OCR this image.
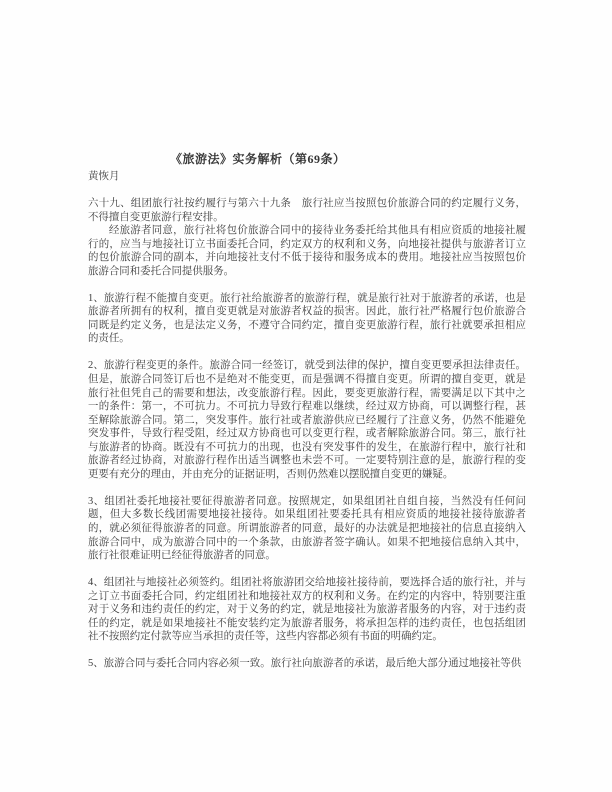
《旅游法》实务解析（第69条）
黄恢月

六十九、组团旅行社按约履行与第六十九条　旅行社应当按照包价旅游合同的约定履行义务，不得擅自变更旅游行程安排。

经旅游者同意，旅行社将包价旅游合同中的接待业务委托给其他具有相应资质的地接社履行的，应当与地接社订立书面委托合同，约定双方的权利和义务，向地接社提供与旅游者订立的包价旅游合同的副本，并向地接社支付不低于接待和服务成本的费用。地接社应当按照包价旅游合同和委托合同提供服务。

1、旅游行程不能擅自变更。旅行社给旅游者的旅游行程，就是旅行社对于旅游者的承诺，也是旅游者所拥有的权利，擅自变更就是对旅游者权益的损害。因此，旅行社严格履行包价旅游合同既是约定义务，也是法定义务，不遵守合同约定，擅自变更旅游行程，旅行社就要承担相应的责任。

2、旅游行程变更的条件。旅游合同一经签订，就受到法律的保护，擅自变更要承担法律责任。但是，旅游合同签订后也不是绝对不能变更，而是强调不得擅自变更。所谓的擅自变更，就是旅行社但凭自己的需要和想法，改变旅游行程。因此，要变更旅游行程，需要满足以下其中之一的条件：第一，不可抗力。不可抗力导致行程难以继续，经过双方协商，可以调整行程，甚至解除旅游合同。第二，突发事件。旅行社或者旅游供应已经履行了注意义务，仍然不能避免突发事件，导致行程受阻，经过双方协商也可以变更行程，或者解除旅游合同。第三，旅行社与旅游者的协商。既没有不可抗力的出现，也没有突发事件的发生，在旅游行程中，旅行社和旅游者经过协商，对旅游行程作出适当调整也未尝不可。一定要特别注意的是，旅游行程的变更要有充分的理由，并由充分的证据证明，否则仍然难以摆脱擅自变更的嫌疑。

3、组团社委托地接社要征得旅游者同意。按照规定，如果组团社自组自接，当然没有任何问题，但大多数长线团需要地接社接待。如果组团社要委托具有相应资质的地接社接待旅游者的，就必须征得旅游者的同意。所谓旅游者的同意，最好的办法就是把地接社的信息直接纳入旅游合同中，成为旅游合同中的一个条款，由旅游者签字确认。如果不把地接信息纳入其中，旅行社很难证明已经征得旅游者的同意。

4、组团社与地接社必须签约。组团社将旅游团交给地接社接待前，要选择合适的旅行社，并与之订立书面委托合同，约定组团社和地接社双方的权利和义务。在约定的内容中，特别要注重对于义务和违约责任的约定，对于义务的约定，就是地接社为旅游者服务的内容，对于违约责任的约定，就是如果地接社不能安装约定为旅游者服务，将承担怎样的违约责任，也包括组团社不按照约定付款等应当承担的责任等，这些内容都必须有书面的明确约定。

5、旅游合同与委托合同内容必须一致。旅行社向旅游者的承诺，最后绝大部分通过地接社等供
